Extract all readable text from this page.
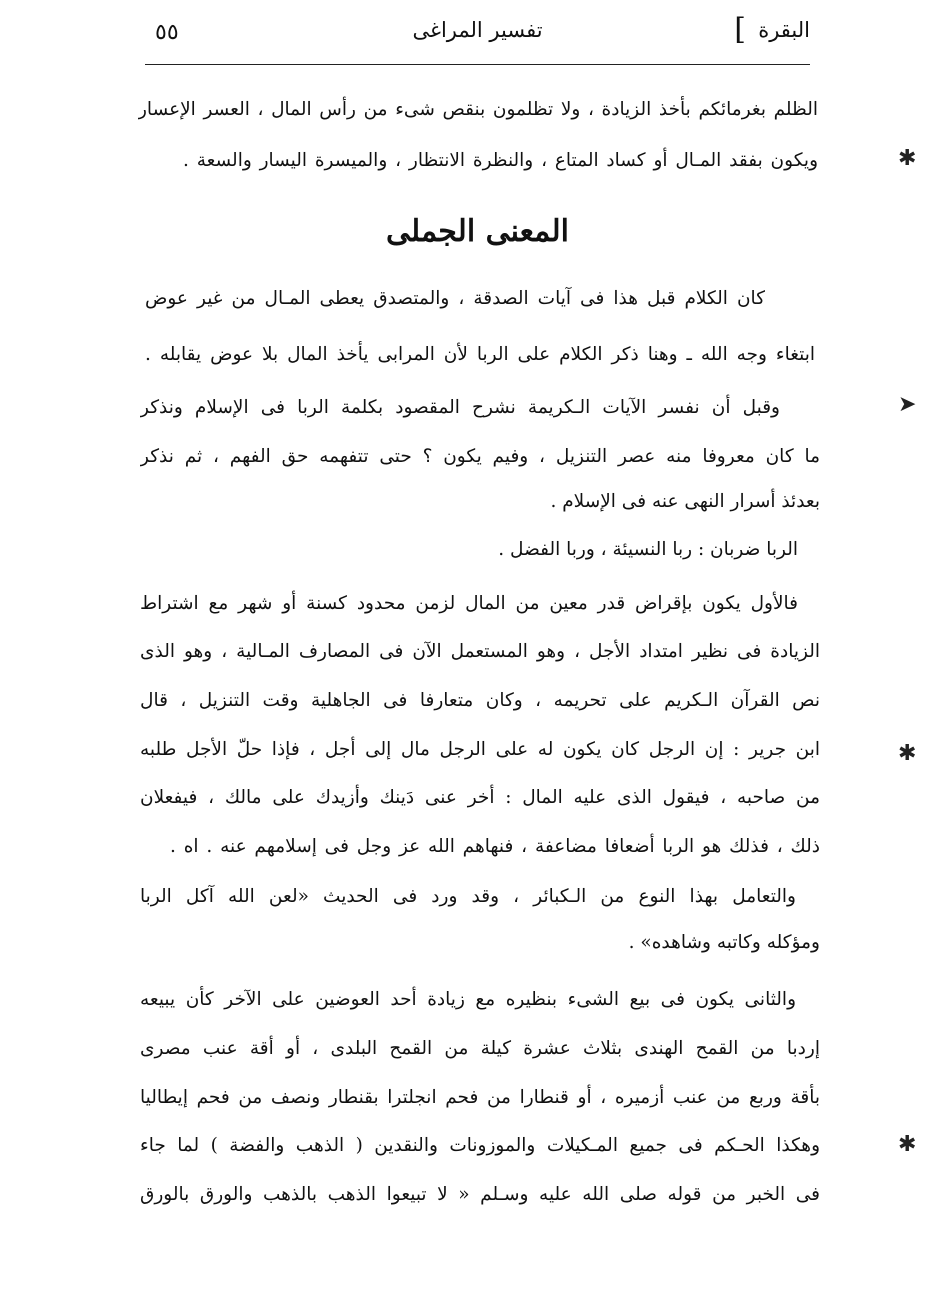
البقرة
]
تفسير المراغى
٥٥
الظلم بغرمائكم بأخذ الزيادة ، ولا تظلمون بنقص شىء من رأس المال ، العسر الإعسار
ويكون بفقد المـال أو كساد المتاع ، والنظرة الانتظار ، والميسرة اليسار والسعة .
المعنى الجملى
كان الكلام قبل هذا فى آيات الصدقة ، والمتصدق يعطى المـال من غير عوض
ابتغاء وجه الله ـ وهنا ذكر الكلام على الربا لأن المرابى يأخذ المال بلا عوض يقابله .
وقبل أن نفسر الآيات الـكريمة نشرح المقصود بكلمة الربا فى الإسلام ونذكر
ما كان معروفا منه عصر التنزيل ، وفيم يكون ؟ حتى تتفهمه حق الفهم ، ثم نذكر
بعدئذ أسرار النهى عنه فى الإسلام .
الربا ضربان : ربا النسيئة ، وربا الفضل .
فالأول يكون بإقراض قدر معين من المال لزمن محدود كسنة أو شهر مع اشتراط
الزيادة فى نظير امتداد الأجل ، وهو المستعمل الآن فى المصارف المـالية ، وهو الذى
نص القرآن الـكريم على تحريمه ، وكان متعارفا فى الجاهلية وقت التنزيل ، قال
ابن جرير : إن الرجل كان يكون له على الرجل مال إلى أجل ، فإذا حلّ الأجل طلبه
من صاحبه ، فيقول الذى عليه المال : أخر عنى دَينك وأزيدك على مالك ، فيفعلان
ذلك ، فذلك هو الربا أضعافا مضاعفة ، فنهاهم الله عز وجل فى إسلامهم عنه . اه .
والتعامل بهذا النوع من الـكبائر ، وقد ورد فى الحديث «لعن الله آكل الربا
ومؤكله وكاتبه وشاهده» .
والثانى يكون فى بيع الشىء بنظيره مع زيادة أحد العوضين على الآخر كأن يبيعه
إردبا من القمح الهندى بثلاث عشرة كيلة من القمح البلدى ، أو أقة عنب مصرى
بأقة وربع من عنب أزميره ، أو قنطارا من فحم انجلترا بقنطار ونصف من فحم إيطاليا
وهكذا الحـكم فى جميع المـكيلات والموزونات والنقدين ( الذهب والفضة ) لما جاء
فى الخبر من قوله صلى الله عليه وسـلم « لا تبيعوا الذهب بالذهب والورق بالورق
✱
➤
✱
✱
